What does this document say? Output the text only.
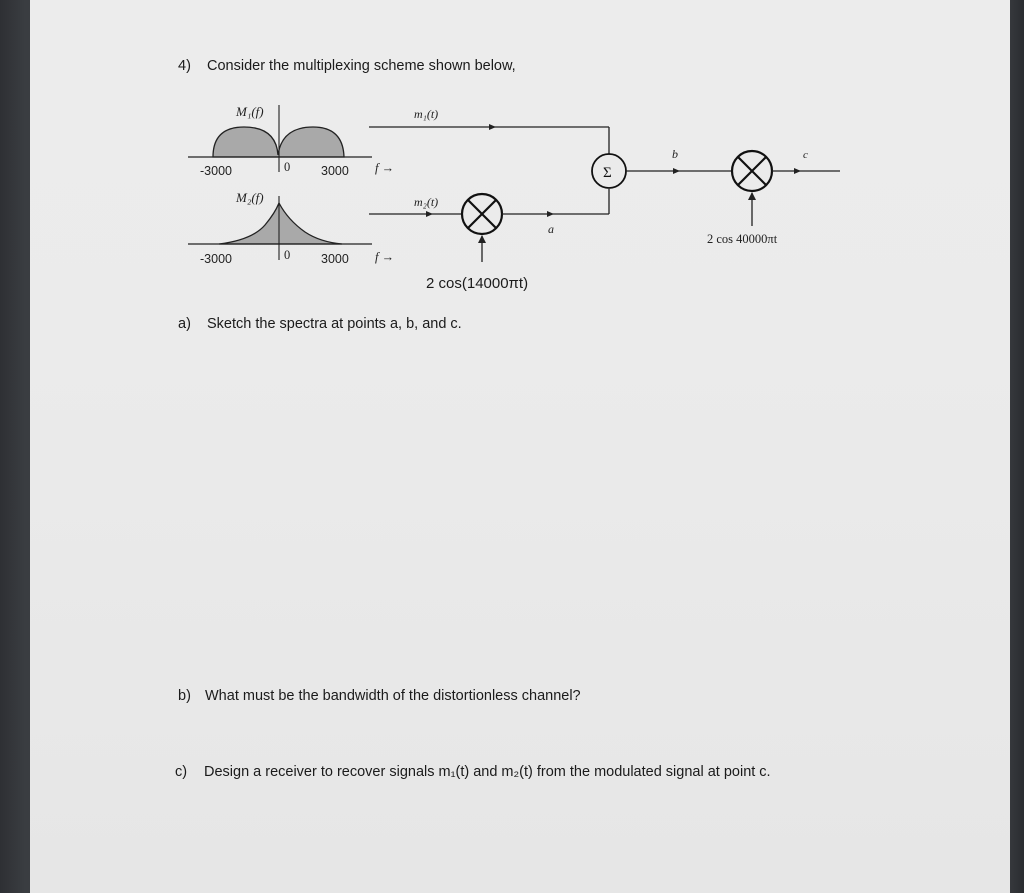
4) Consider the multiplexing scheme shown below,
M₁(f)
-3000	0 3000 f →
M₂(f)
-3000	0 3000 f →
m₁(t)
m₂(t)
2 cos(14000πt)
a
Σ
b
2 cos 40000πt
c
a) Sketch the spectra at points a, b, and c.
b) What must be the bandwidth of the distortionless channel?
c) Design a receiver to recover signals m₁(t) and m₂(t) from the modulated signal at point c.
